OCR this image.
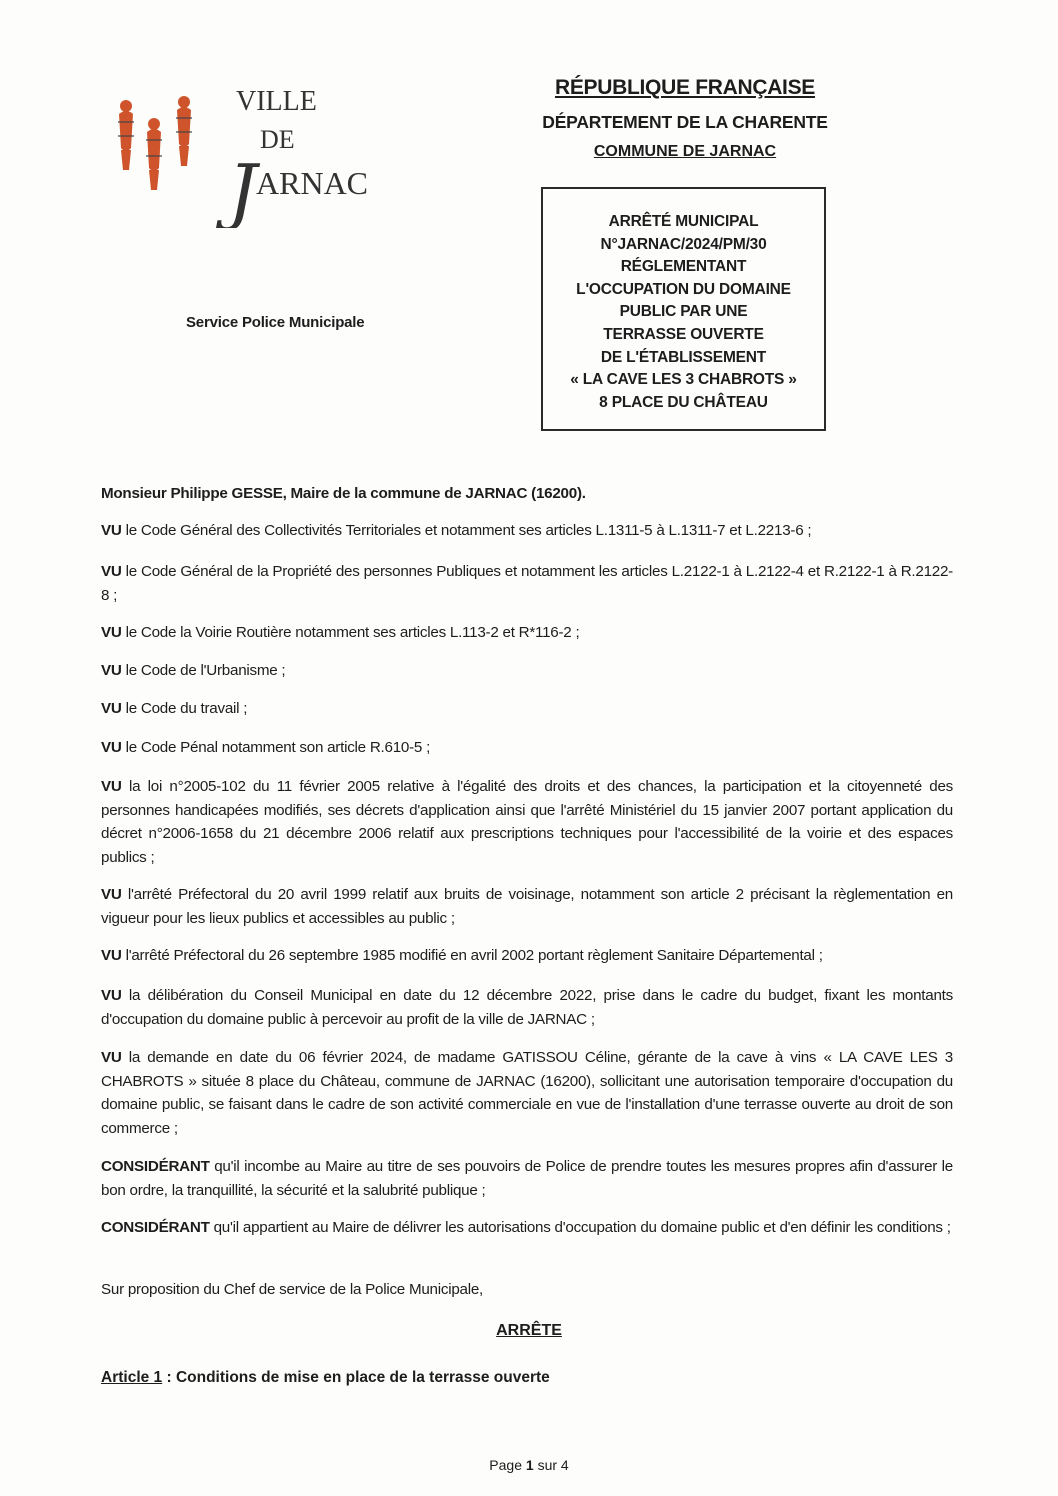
VILLE
DE
J ARNAC
RÉPUBLIQUE FRANÇAISE
DÉPARTEMENT DE LA CHARENTE
COMMUNE DE JARNAC
Service Police Municipale
ARRÊTÉ MUNICIPAL
N°JARNAC/2024/PM/30
RÉGLEMENTANT
L'OCCUPATION DU DOMAINE
PUBLIC PAR UNE
TERRASSE OUVERTE
DE L'ÉTABLISSEMENT
« LA CAVE LES 3 CHABROTS »
8 PLACE DU CHÂTEAU

Monsieur Philippe GESSE, Maire de la commune de JARNAC (16200).

VU le Code Général des Collectivités Territoriales et notamment ses articles L.1311-5 à L.1311-7 et L.2213-6 ;

VU le Code Général de la Propriété des personnes Publiques et notamment les articles L.2122-1 à L.2122-4 et R.2122-1 à R.2122-8 ;

VU le Code la Voirie Routière notamment ses articles L.113-2 et R*116-2 ;

VU le Code de l'Urbanisme ;

VU le Code du travail ;

VU le Code Pénal notamment son article R.610-5 ;

VU la loi n°2005-102 du 11 février 2005 relative à l'égalité des droits et des chances, la participation et la citoyenneté des personnes handicapées modifiés, ses décrets d'application ainsi que l'arrêté Ministériel du 15 janvier 2007 portant application du décret n°2006-1658 du 21 décembre 2006 relatif aux prescriptions techniques pour l'accessibilité de la voirie et des espaces publics ;

VU l'arrêté Préfectoral du 20 avril 1999 relatif aux bruits de voisinage, notamment son article 2 précisant la règlementation en vigueur pour les lieux publics et accessibles au public ;

VU l'arrêté Préfectoral du 26 septembre 1985 modifié en avril 2002 portant règlement Sanitaire Départemental ;

VU la délibération du Conseil Municipal en date du 12 décembre 2022, prise dans le cadre du budget, fixant les montants d'occupation du domaine public à percevoir au profit de la ville de JARNAC ;

VU la demande en date du 06 février 2024, de madame GATISSOU Céline, gérante de la cave à vins « LA CAVE LES 3 CHABROTS » située 8 place du Château, commune de JARNAC (16200), sollicitant une autorisation temporaire d'occupation du domaine public, se faisant dans le cadre de son activité commerciale en vue de l'installation d'une terrasse ouverte au droit de son commerce ;

CONSIDÉRANT qu'il incombe au Maire au titre de ses pouvoirs de Police de prendre toutes les mesures propres afin d'assurer le bon ordre, la tranquillité, la sécurité et la salubrité publique ;

CONSIDÉRANT qu'il appartient au Maire de délivrer les autorisations d'occupation du domaine public et d'en définir les conditions ;

Sur proposition du Chef de service de la Police Municipale,

ARRÊTE
Article 1 : Conditions de mise en place de la terrasse ouverte
Page 1 sur 4
